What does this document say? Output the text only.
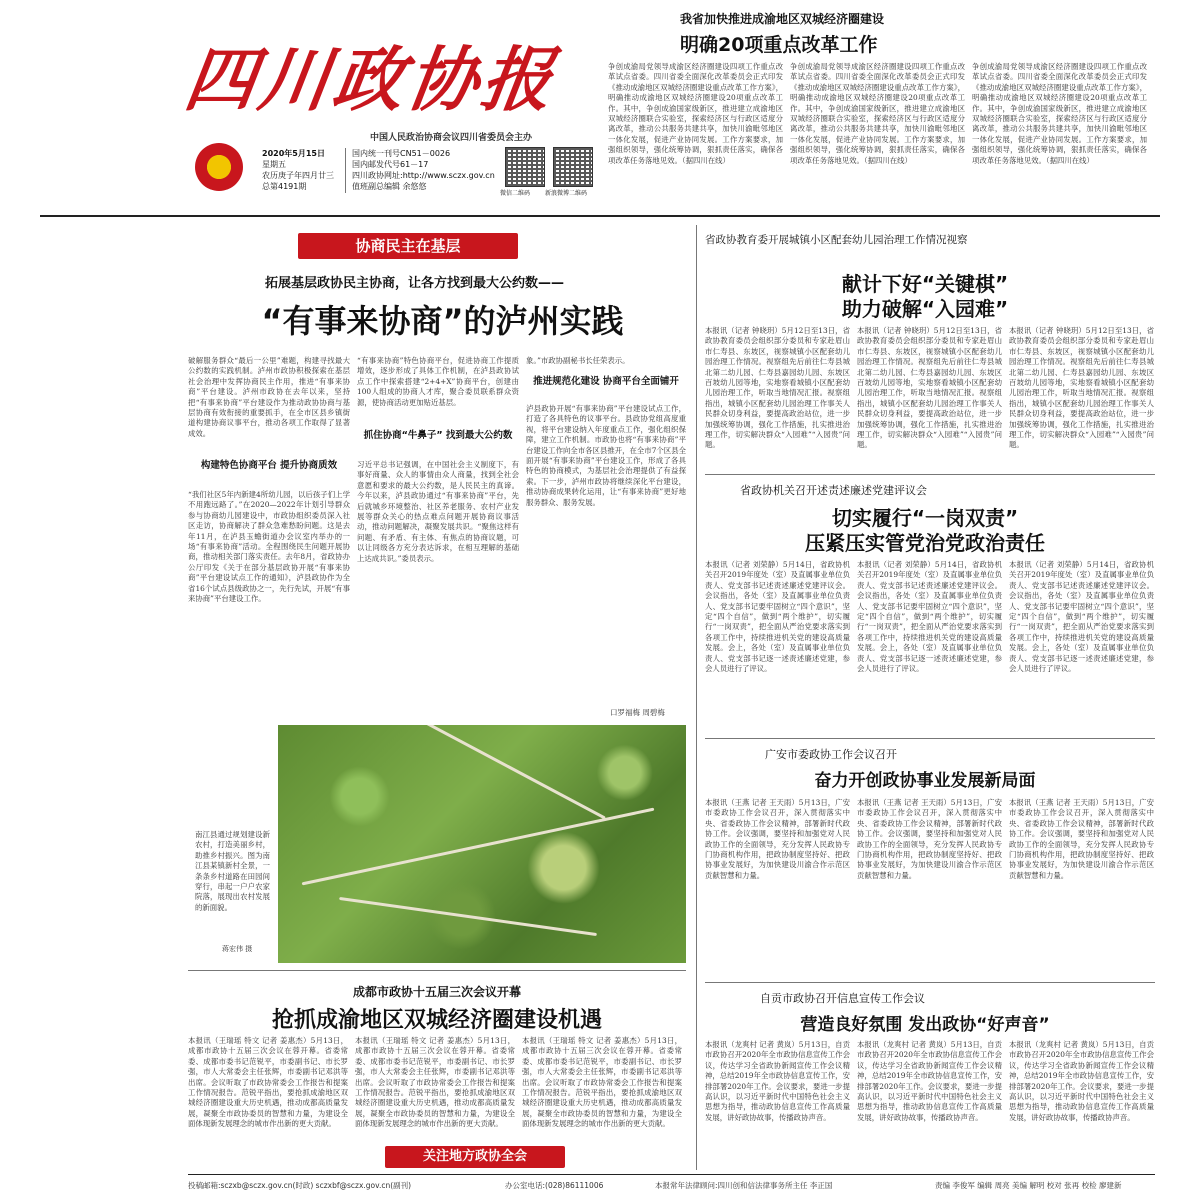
四川政协报
中国人民政治协商会议四川省委员会主办
2020年5月15日
星期五
农历庚子年四月廿三
总第4191期
国内统一刊号CN51－0026
国内邮发代号61－17
四川政协网址:http://www.sczx.gov.cn
值班副总编辑 余悠悠
微信二维码 新浪微博二维码
我省加快推进成渝地区双城经济圈建设
明确20项重点改革工作
争创成渝局党领导成渝区经济圈建设四项工作重点改革试点省委。四川省委全面深化改革委员会正式印发《推动成渝地区双城经济圈建设重点改革工作方案》，明确推动成渝地区双城经济圈建设20项重点改革工作。其中，争创成渝国家级新区，推进建立成渝地区双城经济圈联合实验室，探索经济区与行政区适度分离改革，推动公共服务共建共享，加快川渝毗邻地区一体化发展，促进产业协同发展。工作方案要求，加强组织领导，强化统筹协调，狠抓责任落实，确保各项改革任务落地见效。（据四川在线）
争创成渝局党领导成渝区经济圈建设四项工作重点改革试点省委。四川省委全面深化改革委员会正式印发《推动成渝地区双城经济圈建设重点改革工作方案》，明确推动成渝地区双城经济圈建设20项重点改革工作。其中，争创成渝国家级新区，推进建立成渝地区双城经济圈联合实验室，探索经济区与行政区适度分离改革，推动公共服务共建共享，加快川渝毗邻地区一体化发展，促进产业协同发展。工作方案要求，加强组织领导，强化统筹协调，狠抓责任落实，确保各项改革任务落地见效。（据四川在线）
争创成渝局党领导成渝区经济圈建设四项工作重点改革试点省委。四川省委全面深化改革委员会正式印发《推动成渝地区双城经济圈建设重点改革工作方案》，明确推动成渝地区双城经济圈建设20项重点改革工作。其中，争创成渝国家级新区，推进建立成渝地区双城经济圈联合实验室，探索经济区与行政区适度分离改革，推动公共服务共建共享，加快川渝毗邻地区一体化发展，促进产业协同发展。工作方案要求，加强组织领导，强化统筹协调，狠抓责任落实，确保各项改革任务落地见效。（据四川在线）
协商民主在基层
拓展基层政协民主协商，让各方找到最大公约数——
“有事来协商”的泸州实践
破解服务群众“最后一公里”难题，构建寻找最大公约数的实践机制。泸州市政协积极探索在基层社会治理中发挥协商民主作用，推进“有事来协商”平台建设。泸州市政协在去年以来，坚持把“有事来协商”平台建设作为推动政协协商与基层协商有效衔接的重要抓手，在全市区县乡镇街道构建协商议事平台，推动各项工作取得了显著成效。
构建特色协商平台 提升协商质效
“我们社区5年内新建4所幼儿园，以后孩子们上学不用跑远路了。”在2020—2022年计划引导群众参与协商幼儿园建设中，市政协组织委员深入社区走访，协商解决了群众急难愁盼问题。这是去年11月，在泸县玉蟾街道办会议室内举办的一场“有事来协商”活动。全程围绕民生问题开展协商，推动相关部门落实责任。去年8月，省政协办公厅印发《关于在部分基层政协开展“有事来协商”平台建设试点工作的通知》，泸县政协作为全省16个试点县级政协之一，先行先试，开展“有事来协商”平台建设工作。
“有事来协商”特色协商平台，促进协商工作提质增效，逐步形成了具体工作机制，在泸县政协试点工作中探索搭建“2+4+X”协商平台，创建由100人组成的协商人才库，聚合委员联系群众资源，使协商活动更加贴近基层。
抓住协商“牛鼻子” 找到最大公约数
习近平总书记强调，在中国社会主义制度下，有事好商量、众人的事情由众人商量，找到全社会意愿和要求的最大公约数，是人民民主的真谛。今年以来，泸县政协通过“有事来协商”平台，先后就城乡环境整治、社区养老服务、农村产业发展等群众关心的热点难点问题开展协商议事活动，推动问题解决，凝聚发展共识。“聚焦这样有问题、有矛盾、有主体、有焦点的协商议题，可以让同级各方充分表达诉求，在相互理解的基础上达成共识。”委员表示。
象。”市政协副秘书长任荣表示。
推进规范化建设 协商平台全面铺开
泸县政协开展“有事来协商”平台建设试点工作，打造了各具特色的议事平台。县政协党组高度重视，将平台建设纳入年度重点工作，强化组织保障，建立工作机制。市政协也将“有事来协商”平台建设工作向全市各区县推开，在全市7个区县全面开展“有事来协商”平台建设工作，形成了各具特色的协商模式，为基层社会治理提供了有益探索。下一步，泸州市政协将继续深化平台建设，推动协商成果转化运用，让“有事来协商”更好地服务群众、服务发展。
口罗福梅 周碧梅
南江县通过规划建设新农村，打造美丽乡村，助推乡村振兴。图为南江县某镇新村全景，一条条乡村道路在田园间穿行，串起一户户农家院落，展现出农村发展的新面貌。
蒋宏伟 摄
成都市政协十五届三次会议开幕
抢抓成渝地区双城经济圈建设机遇
本报讯（王瑞瑶 特文 记者 姜惠杰）5月13日，成都市政协十五届三次会议在蓉开幕。省委常委、成都市委书记范锐平，市委副书记、市长罗强，市人大常委会主任张辉，市委副书记邓洪等出席。会议听取了市政协常委会工作报告和提案工作情况报告。范锐平指出，要抢抓成渝地区双城经济圈建设重大历史机遇，推动成都高质量发展，凝聚全市政协委员的智慧和力量，为建设全面体现新发展理念的城市作出新的更大贡献。
本报讯（王瑞瑶 特文 记者 姜惠杰）5月13日，成都市政协十五届三次会议在蓉开幕。省委常委、成都市委书记范锐平，市委副书记、市长罗强，市人大常委会主任张辉，市委副书记邓洪等出席。会议听取了市政协常委会工作报告和提案工作情况报告。范锐平指出，要抢抓成渝地区双城经济圈建设重大历史机遇，推动成都高质量发展，凝聚全市政协委员的智慧和力量，为建设全面体现新发展理念的城市作出新的更大贡献。
本报讯（王瑞瑶 特文 记者 姜惠杰）5月13日，成都市政协十五届三次会议在蓉开幕。省委常委、成都市委书记范锐平，市委副书记、市长罗强，市人大常委会主任张辉，市委副书记邓洪等出席。会议听取了市政协常委会工作报告和提案工作情况报告。范锐平指出，要抢抓成渝地区双城经济圈建设重大历史机遇，推动成都高质量发展，凝聚全市政协委员的智慧和力量，为建设全面体现新发展理念的城市作出新的更大贡献。
关注地方政协全会
省政协教育委开展城镇小区配套幼儿园治理工作情况视察
献计下好“关键棋”
助力破解“入园难”
本报讯（记者 钟晓玥）5月12日至13日，省政协教育委员会组织部分委员和专家赴眉山市仁寿县、东坡区，视察城镇小区配套幼儿园治理工作情况。视察组先后前往仁寿县城北第二幼儿园、仁寿县嘉园幼儿园、东坡区百坡幼儿园等地，实地察看城镇小区配套幼儿园治理工作，听取当地情况汇报。视察组指出，城镇小区配套幼儿园治理工作事关人民群众切身利益，要提高政治站位，进一步加强统筹协调，强化工作措施，扎实推进治理工作，切实解决群众“入园难”“入园贵”问题。
本报讯（记者 钟晓玥）5月12日至13日，省政协教育委员会组织部分委员和专家赴眉山市仁寿县、东坡区，视察城镇小区配套幼儿园治理工作情况。视察组先后前往仁寿县城北第二幼儿园、仁寿县嘉园幼儿园、东坡区百坡幼儿园等地，实地察看城镇小区配套幼儿园治理工作，听取当地情况汇报。视察组指出，城镇小区配套幼儿园治理工作事关人民群众切身利益，要提高政治站位，进一步加强统筹协调，强化工作措施，扎实推进治理工作，切实解决群众“入园难”“入园贵”问题。
本报讯（记者 钟晓玥）5月12日至13日，省政协教育委员会组织部分委员和专家赴眉山市仁寿县、东坡区，视察城镇小区配套幼儿园治理工作情况。视察组先后前往仁寿县城北第二幼儿园、仁寿县嘉园幼儿园、东坡区百坡幼儿园等地，实地察看城镇小区配套幼儿园治理工作，听取当地情况汇报。视察组指出，城镇小区配套幼儿园治理工作事关人民群众切身利益，要提高政治站位，进一步加强统筹协调，强化工作措施，扎实推进治理工作，切实解决群众“入园难”“入园贵”问题。
省政协机关召开述责述廉述党建评议会
切实履行“一岗双责”
压紧压实管党治党政治责任
本报讯（记者 刘荣静）5月14日，省政协机关召开2019年度处（室）及直属事业单位负责人、党支部书记述责述廉述党建评议会。会议指出，各处（室）及直属事业单位负责人、党支部书记要牢固树立“四个意识”，坚定“四个自信”，做到“两个维护”，切实履行“一岗双责”，把全面从严治党要求落实到各项工作中，持续推进机关党的建设高质量发展。会上，各处（室）及直属事业单位负责人、党支部书记逐一述责述廉述党建，参会人员进行了评议。
本报讯（记者 刘荣静）5月14日，省政协机关召开2019年度处（室）及直属事业单位负责人、党支部书记述责述廉述党建评议会。会议指出，各处（室）及直属事业单位负责人、党支部书记要牢固树立“四个意识”，坚定“四个自信”，做到“两个维护”，切实履行“一岗双责”，把全面从严治党要求落实到各项工作中，持续推进机关党的建设高质量发展。会上，各处（室）及直属事业单位负责人、党支部书记逐一述责述廉述党建，参会人员进行了评议。
本报讯（记者 刘荣静）5月14日，省政协机关召开2019年度处（室）及直属事业单位负责人、党支部书记述责述廉述党建评议会。会议指出，各处（室）及直属事业单位负责人、党支部书记要牢固树立“四个意识”，坚定“四个自信”，做到“两个维护”，切实履行“一岗双责”，把全面从严治党要求落实到各项工作中，持续推进机关党的建设高质量发展。会上，各处（室）及直属事业单位负责人、党支部书记逐一述责述廉述党建，参会人员进行了评议。
广安市委政协工作会议召开
奋力开创政协事业发展新局面
本报讯（王燕 记者 王天雨）5月13日，广安市委政协工作会议召开，深入贯彻落实中央、省委政协工作会议精神，部署新时代政协工作。会议强调，要坚持和加强党对人民政协工作的全面领导，充分发挥人民政协专门协商机构作用，把政协制度坚持好、把政协事业发展好，为加快建设川渝合作示范区贡献智慧和力量。
本报讯（王燕 记者 王天雨）5月13日，广安市委政协工作会议召开，深入贯彻落实中央、省委政协工作会议精神，部署新时代政协工作。会议强调，要坚持和加强党对人民政协工作的全面领导，充分发挥人民政协专门协商机构作用，把政协制度坚持好、把政协事业发展好，为加快建设川渝合作示范区贡献智慧和力量。
本报讯（王燕 记者 王天雨）5月13日，广安市委政协工作会议召开，深入贯彻落实中央、省委政协工作会议精神，部署新时代政协工作。会议强调，要坚持和加强党对人民政协工作的全面领导，充分发挥人民政协专门协商机构作用，把政协制度坚持好、把政协事业发展好，为加快建设川渝合作示范区贡献智慧和力量。
自贡市政协召开信息宣传工作会议
营造良好氛围 发出政协“好声音”
本报讯（龙爽村 记者 黄岚）5月13日，自贡市政协召开2020年全市政协信息宣传工作会议，传达学习全省政协新闻宣传工作会议精神，总结2019年全市政协信息宣传工作，安排部署2020年工作。会议要求，要进一步提高认识，以习近平新时代中国特色社会主义思想为指导，推动政协信息宣传工作高质量发展，讲好政协故事，传播政协声音。
本报讯（龙爽村 记者 黄岚）5月13日，自贡市政协召开2020年全市政协信息宣传工作会议，传达学习全省政协新闻宣传工作会议精神，总结2019年全市政协信息宣传工作，安排部署2020年工作。会议要求，要进一步提高认识，以习近平新时代中国特色社会主义思想为指导，推动政协信息宣传工作高质量发展，讲好政协故事，传播政协声音。
本报讯（龙爽村 记者 黄岚）5月13日，自贡市政协召开2020年全市政协信息宣传工作会议，传达学习全省政协新闻宣传工作会议精神，总结2019年全市政协信息宣传工作，安排部署2020年工作。会议要求，要进一步提高认识，以习近平新时代中国特色社会主义思想为指导，推动政协信息宣传工作高质量发展，讲好政协故事，传播政协声音。
投稿邮箱:sczxb@sczx.gov.cn(时政) sczxbf@sczx.gov.cn(副刊)	办公室电话:(028)86111006	本报常年法律顾问:四川创和信法律事务所主任 李正国	责编 李俊军 编辑 周亮 美编 解明 校对 张再 校检 廖建新
